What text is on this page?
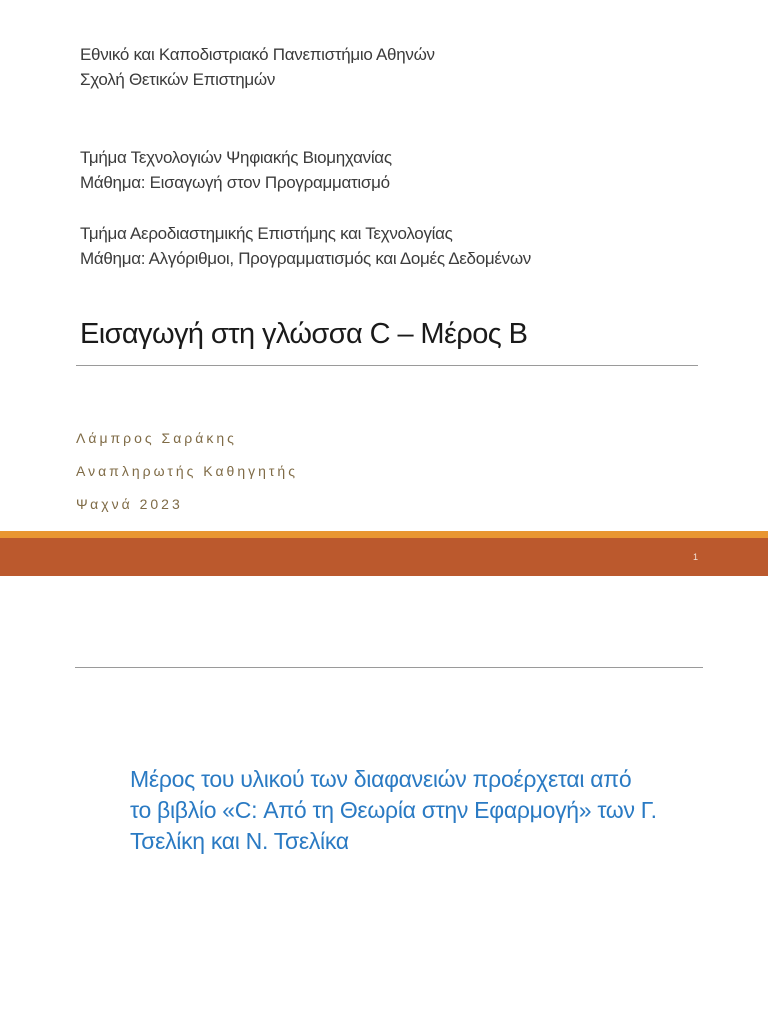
Εθνικό και Καποδιστριακό Πανεπιστήμιο Αθηνών
Σχολή Θετικών Επιστημών
Τμήμα Τεχνολογιών Ψηφιακής Βιομηχανίας
Μάθημα: Εισαγωγή στον Προγραμματισμό
Τμήμα Αεροδιαστημικής Επιστήμης και Τεχνολογίας
Μάθημα: Αλγόριθμοι, Προγραμματισμός και Δομές Δεδομένων
Εισαγωγή στη γλώσσα C – Μέρος B
Λάμπρος Σαράκης
Αναπληρωτής Καθηγητής
Ψαχνά 2023
1
Μέρος του υλικού των διαφανειών προέρχεται από
το βιβλίο «C: Από τη Θεωρία στην Εφαρμογή» των Γ.
Τσελίκη και Ν. Τσελίκα
